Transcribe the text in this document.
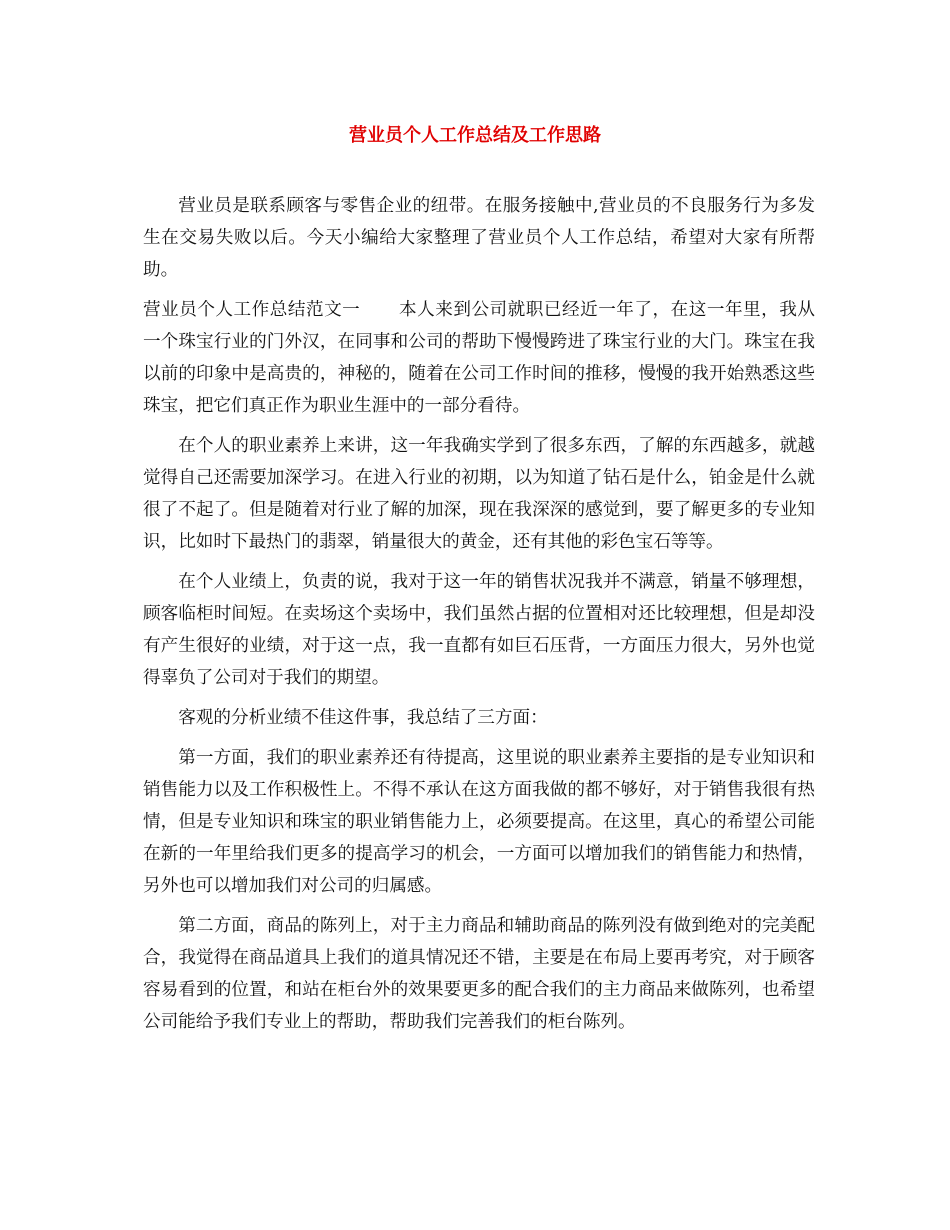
营业员个人工作总结及工作思路

营业员是联系顾客与零售企业的纽带。在服务接触中,营业员的不良服务行为多发生在交易失败以后。今天小编给大家整理了营业员个人工作总结，希望对大家有所帮助。

营业员个人工作总结范文一 本人来到公司就职已经近一年了，在这一年里，我从一个珠宝行业的门外汉，在同事和公司的帮助下慢慢跨进了珠宝行业的大门。珠宝在我以前的印象中是高贵的，神秘的，随着在公司工作时间的推移，慢慢的我开始熟悉这些珠宝，把它们真正作为职业生涯中的一部分看待。

在个人的职业素养上来讲，这一年我确实学到了很多东西，了解的东西越多，就越觉得自己还需要加深学习。在进入行业的初期，以为知道了钻石是什么，铂金是什么就很了不起了。但是随着对行业了解的加深，现在我深深的感觉到，要了解更多的专业知识，比如时下最热门的翡翠，销量很大的黄金，还有其他的彩色宝石等等。

在个人业绩上，负责的说，我对于这一年的销售状况我并不满意，销量不够理想，顾客临柜时间短。在卖场这个卖场中，我们虽然占据的位置相对还比较理想，但是却没有产生很好的业绩，对于这一点，我一直都有如巨石压背，一方面压力很大，另外也觉得辜负了公司对于我们的期望。

客观的分析业绩不佳这件事，我总结了三方面：

第一方面，我们的职业素养还有待提高，这里说的职业素养主要指的是专业知识和销售能力以及工作积极性上。不得不承认在这方面我做的都不够好，对于销售我很有热情，但是专业知识和珠宝的职业销售能力上，必须要提高。在这里，真心的希望公司能在新的一年里给我们更多的提高学习的机会，一方面可以增加我们的销售能力和热情，另外也可以增加我们对公司的归属感。

第二方面，商品的陈列上，对于主力商品和辅助商品的陈列没有做到绝对的完美配合，我觉得在商品道具上我们的道具情况还不错，主要是在布局上要再考究，对于顾客容易看到的位置，和站在柜台外的效果要更多的配合我们的主力商品来做陈列，也希望公司能给予我们专业上的帮助，帮助我们完善我们的柜台陈列。
